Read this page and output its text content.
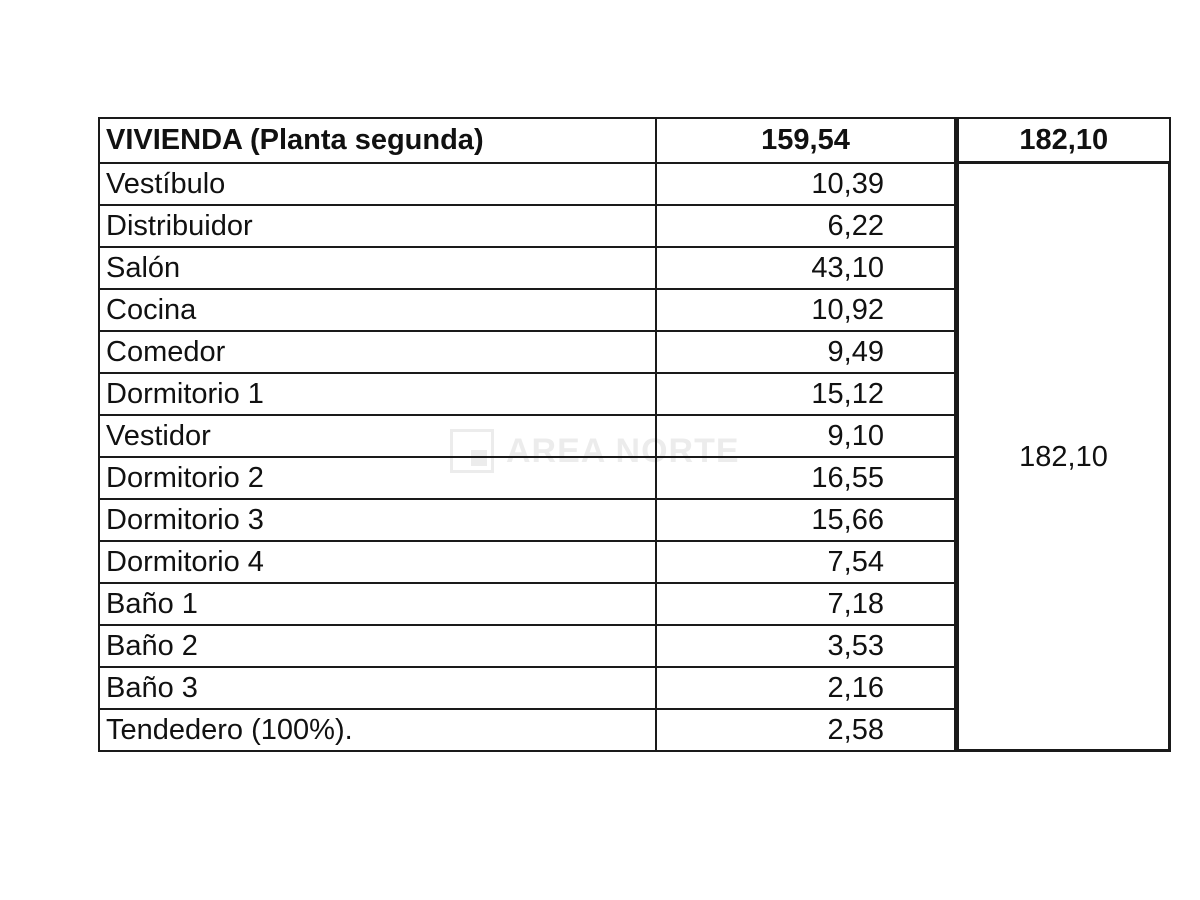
AREA NORTE
VIVIENDA (Planta segunda)	159,54		182,10
Vestíbulo	10,39		182,10
Distribuidor	6,22		
Salón	43,10		
Cocina	10,92		
Comedor	9,49		
Dormitorio 1	15,12		
Vestidor	9,10		
Dormitorio 2	16,55		
Dormitorio 3	15,66		
Dormitorio 4	7,54		
Baño 1	7,18		
Baño 2	3,53		
Baño 3	2,16		
Tendedero (100%).	2,58		
